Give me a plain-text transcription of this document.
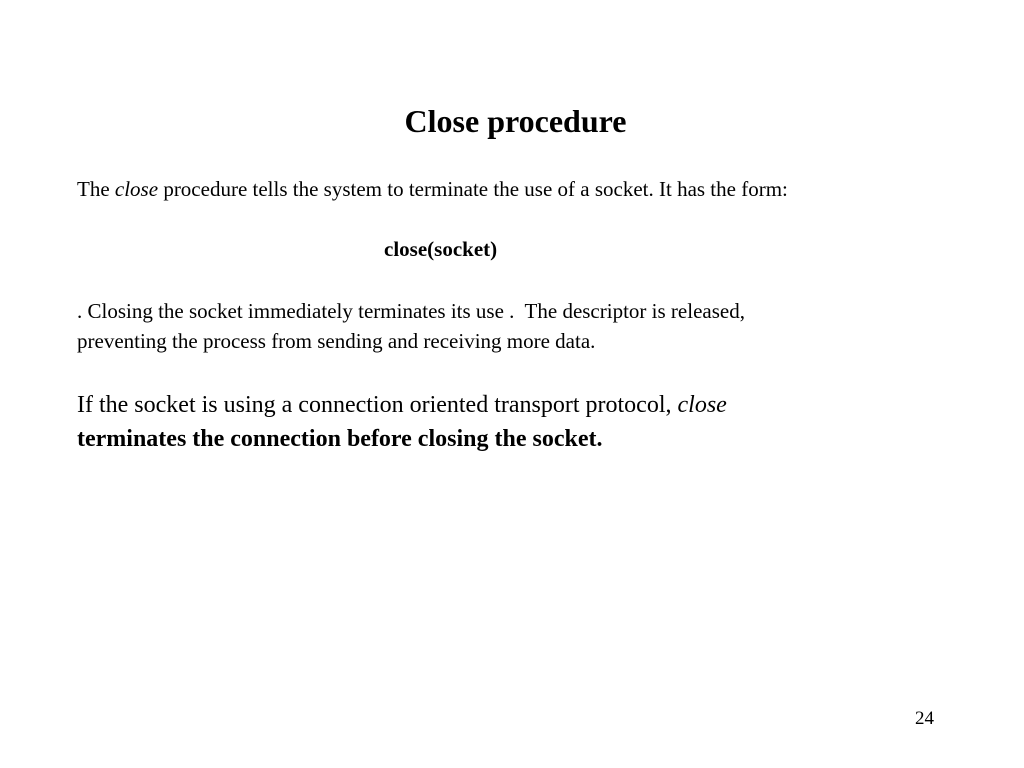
Close procedure
The close procedure tells the system to terminate the use of a socket. It has the form:
close(socket)
. Closing the socket immediately terminates its use .  The descriptor is released,
preventing the process from sending and receiving more data.
If the socket is using a connection oriented transport protocol, close
terminates the connection before closing the socket.
24
